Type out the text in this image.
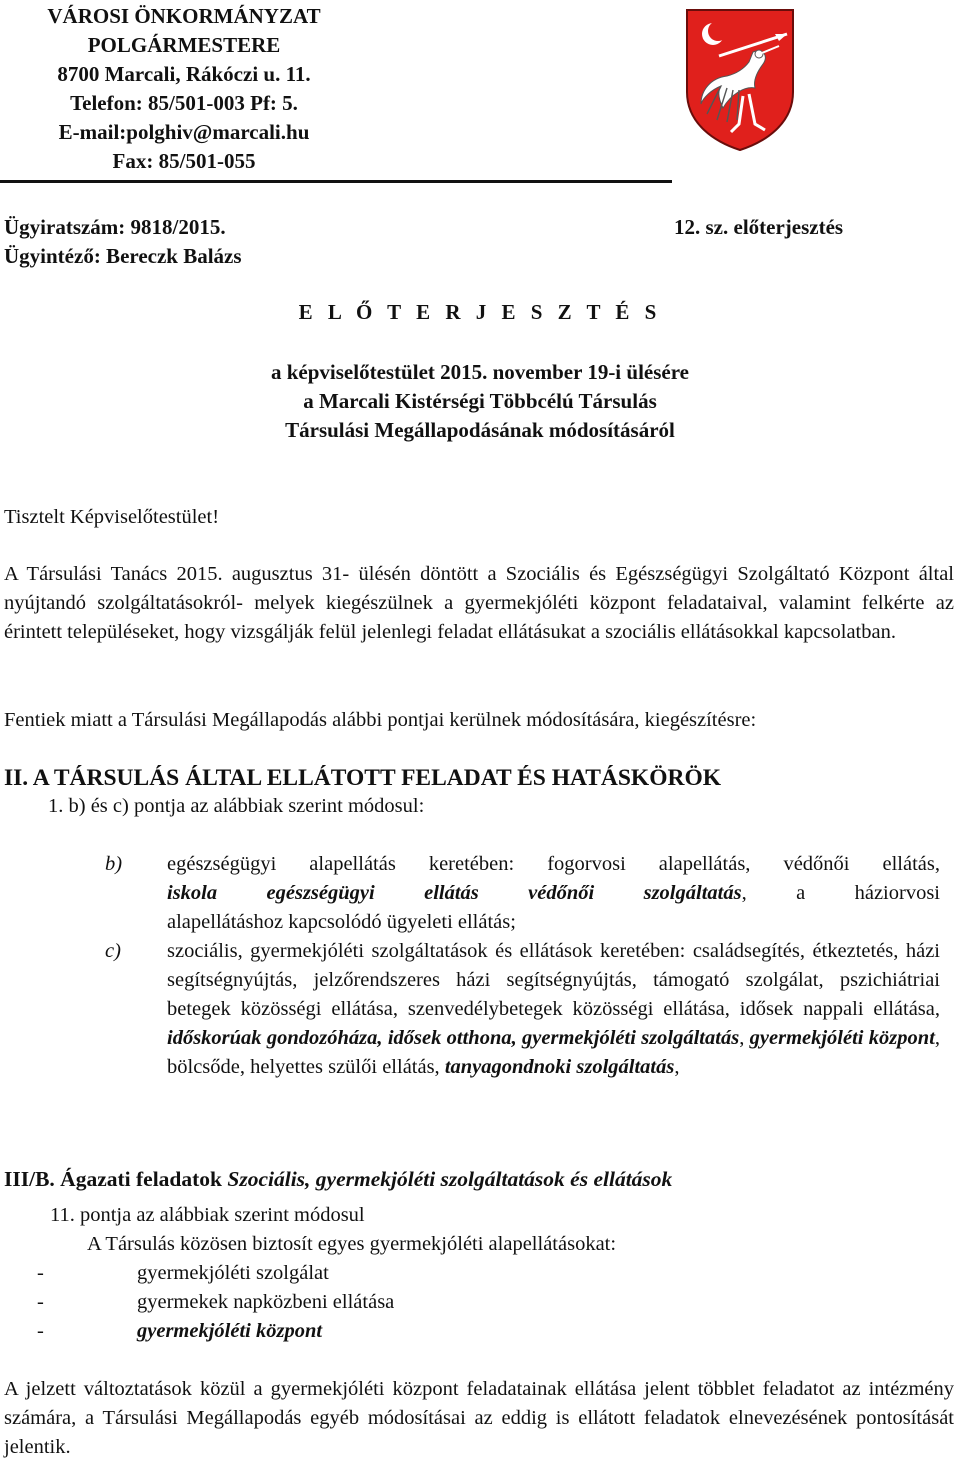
VÁROSI ÖNKORMÁNYZAT
POLGÁRMESTERE
8700 Marcali, Rákóczi u. 11.
Telefon: 85/501-003 Pf: 5.
E-mail:polghiv@marcali.hu
Fax: 85/501-055
Ügyiratszám: 9818/2015.
Ügyintéző: Bereczk Balázs
12. sz. előterjesztés
E L Ő T E R J E S Z T É S
a képviselőtestület 2015. november 19-i ülésére
a Marcali Kistérségi Többcélú Társulás
Társulási Megállapodásának módosításáról
Tisztelt Képviselőtestület!
A Társulási Tanács 2015. augusztus 31- ülésén döntött a Szociális és Egészségügyi Szolgáltató Központ által nyújtandó szolgáltatásokról- melyek kiegészülnek a gyermekjóléti központ feladataival, valamint felkérte az érintett településeket, hogy vizsgálják felül jelenlegi feladat ellátásukat a szociális ellátásokkal kapcsolatban.
Fentiek miatt a Társulási Megállapodás alábbi pontjai kerülnek módosítására, kiegészítésre:
II. A TÁRSULÁS ÁLTAL ELLÁTOTT FELADAT ÉS HATÁSKÖRÖK
1. b) és c) pontja az alábbiak szerint módosul:
b) egészségügyi alapellátás keretében: fogorvosi alapellátás, védőnői ellátás,
iskola egészségügyi ellátás védőnői szolgáltatás, a háziorvosi
alapellátáshoz kapcsolódó ügyeleti ellátás;
c) szociális, gyermekjóléti szolgáltatások és ellátások keretében: családsegítés, étkeztetés, házi segítségnyújtás, jelzőrendszeres házi segítségnyújtás, támogató szolgálat, pszichiátriai betegek közösségi ellátása, szenvedélybetegek közösségi ellátása, idősek nappali ellátása, időskorúak gondozóháza, idősek otthona, gyermekjóléti szolgáltatás, gyermekjóléti központ, bölcsőde, helyettes szülői ellátás, tanyagondnoki szolgáltatás,
III/B. Ágazati feladatok Szociális, gyermekjóléti szolgáltatások és ellátások
11. pontja az alábbiak szerint módosul
A Társulás közösen biztosít egyes gyermekjóléti alapellátásokat:
-	gyermekjóléti szolgálat
-	gyermekek napközbeni ellátása
-	gyermekjóléti központ
A jelzett változtatások közül a gyermekjóléti központ feladatainak ellátása jelent többlet feladatot az intézmény számára, a Társulási Megállapodás egyéb módosításai az eddig is ellátott feladatok elnevezésének pontosítását jelentik.
